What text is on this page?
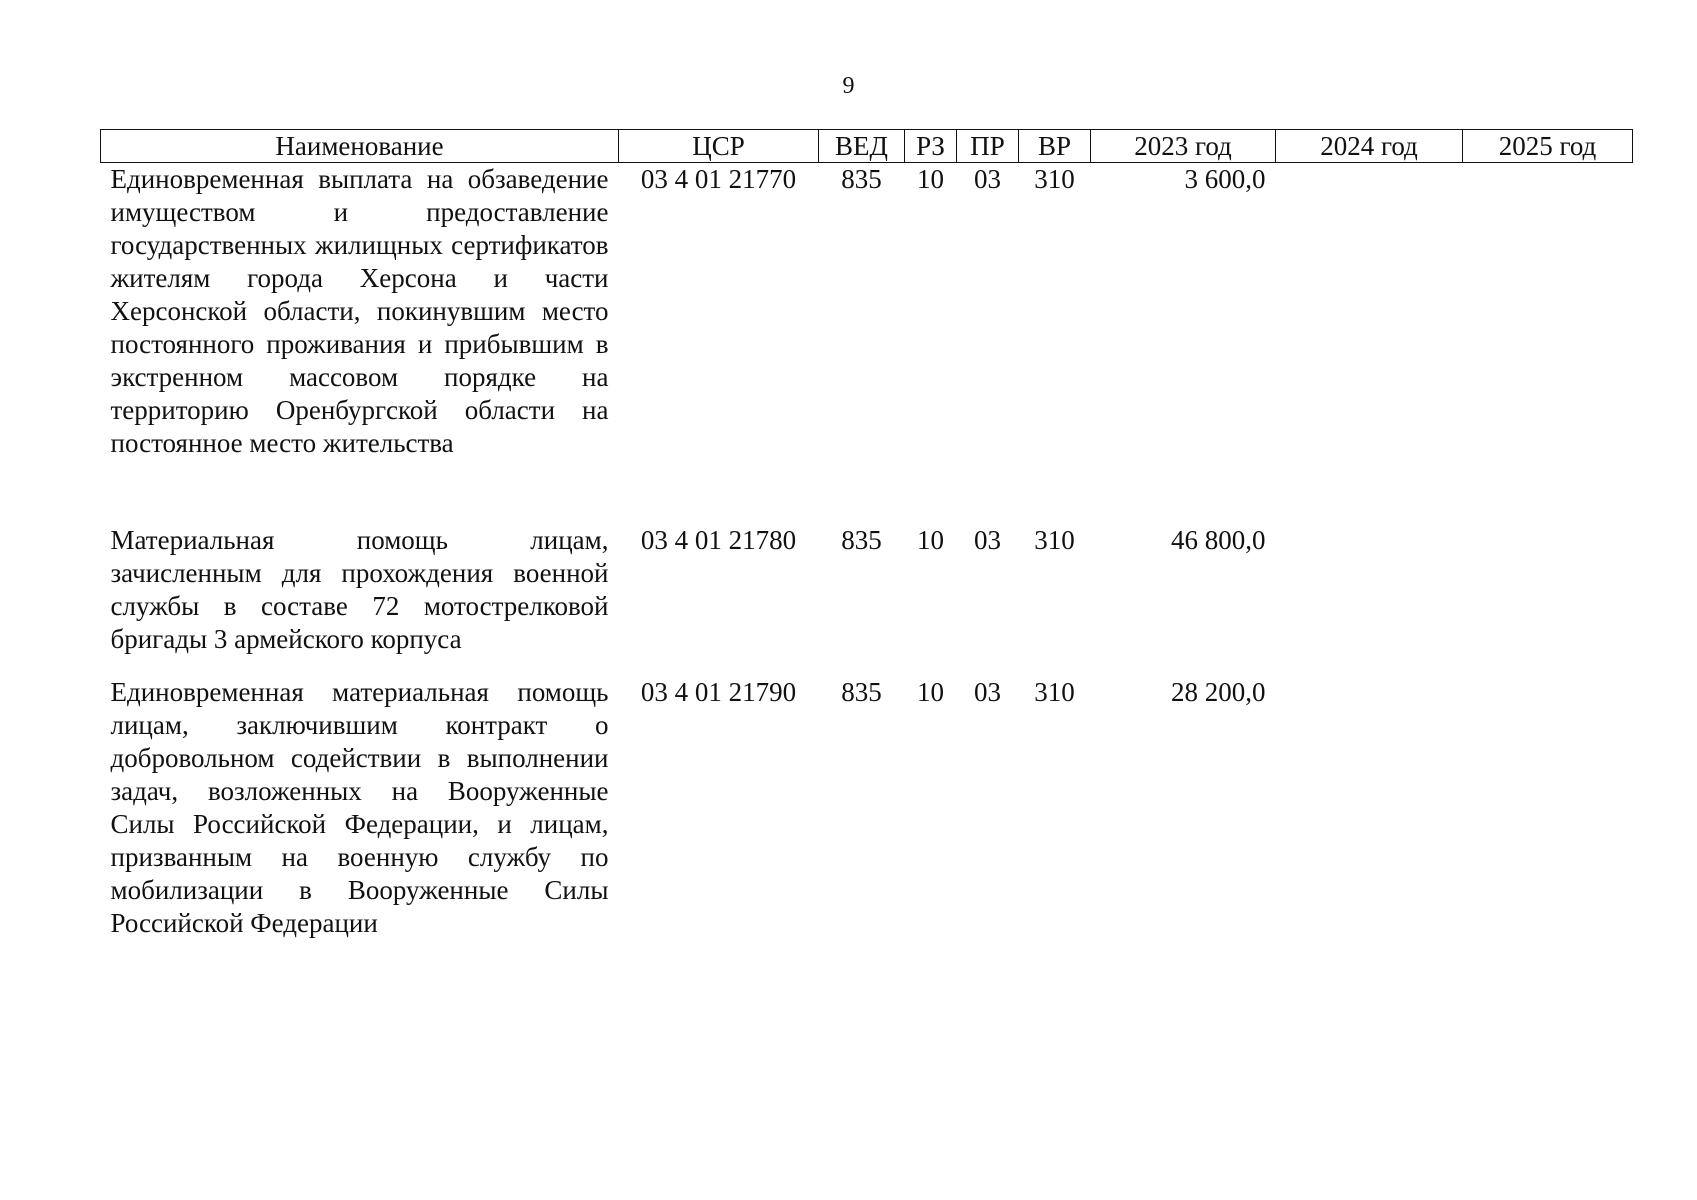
9
Наименование	ЦСР	ВЕД	РЗ	ПР	ВР	2023 год	2024 год	2025 год
Единовременная выплата на обзаведение имуществом и предоставление государственных жилищных сертификатов жителям города Херсона и части Херсонской области, покинувшим место постоянного проживания и прибывшим в экстренном массовом порядке на территорию Оренбургской области на постоянное место жительства	03 4 01 21770	835	10	03	310	3 600,0		
Материальная помощь лицам, зачисленным для прохождения военной службы в составе 72 мотострелковой бригады 3 армейского корпуса	03 4 01 21780	835	10	03	310	46 800,0		
Единовременная материальная помощь лицам, заключившим контракт о добровольном содействии в выполнении задач, возложенных на Вооруженные Силы Российской Федерации, и лицам, призванным на военную службу по мобилизации в Вооруженные Силы Российской Федерации	03 4 01 21790	835	10	03	310	28 200,0		
